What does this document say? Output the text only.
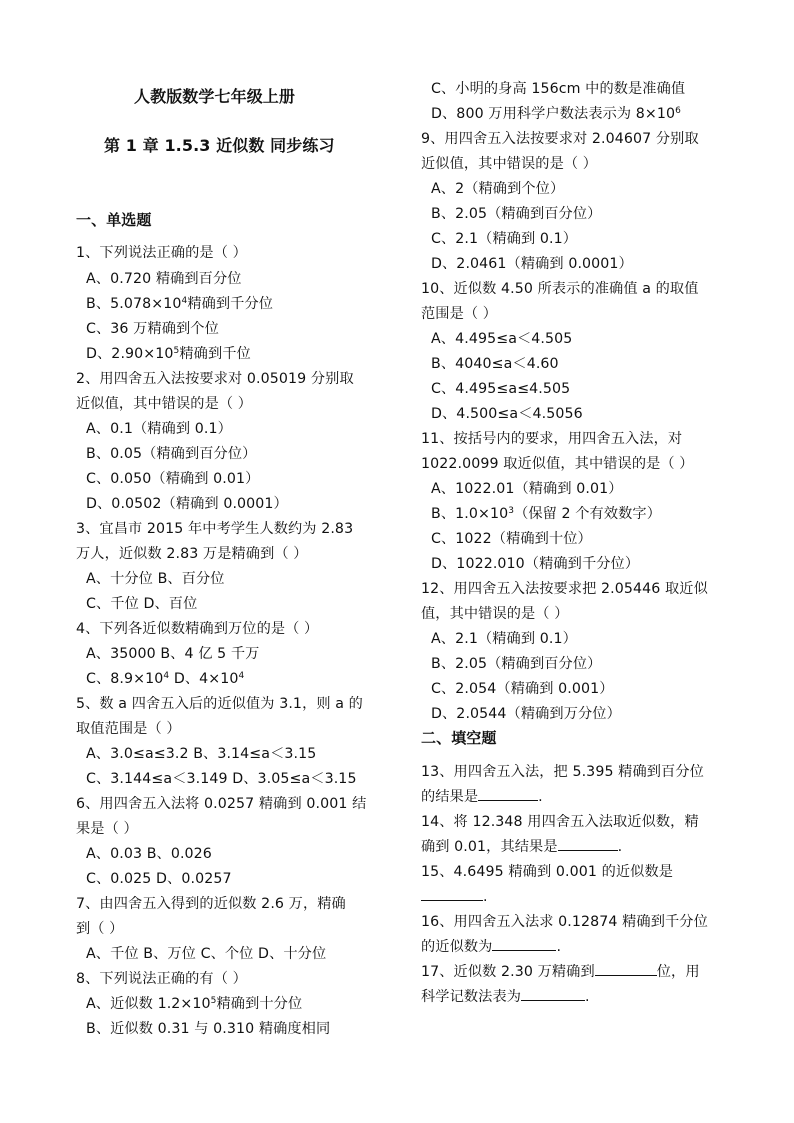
人教版数学七年级上册
第 1 章 1.5.3 近似数 同步练习
一、单选题
1、下列说法正确的是（ ）
A、0.720 精确到百分位
B、$5.078\times 10^4$精确到千分位
C、36 万精确到个位
D、$2.90\times 10^5$精确到千位
2、用四舍五入法按要求对 0.05019 分别取
近似值，其中错误的是（ ）
A、0.1（精确到 0.1）
B、0.05（精确到百分位）
C、0.050（精确到 0.01）
D、0.0502（精确到 0.0001）
3、宜昌市 2015 年中考学生人数约为 2.83
万人，近似数 2.83 万是精确到（ ）
A、十分位 B、百分位
C、千位 D、百位
4、下列各近似数精确到万位的是（ ）
A、35000 B、4 亿 5 千万
C、$8.9\times 10^4$ D、$4\times 10^4$
5、数 a 四舍五入后的近似值为 3.1，则 a 的
取值范围是（ ）
A、3.0≤a≤3.2 B、3.14≤a＜3.15
C、3.144≤a＜3.149 D、3.05≤a＜3.15
6、用四舍五入法将 0.0257 精确到 0.001 结
果是（ ）
A、0.03 B、0.026
C、0.025 D、0.0257
7、由四舍五入得到的近似数 2.6 万，精确
到（ ）
A、千位 B、万位 C、个位 D、十分位
8、下列说法正确的有（ ）
A、近似数 $1.2\times 10^5$精确到十分位
B、近似数 0.31 与 0.310 精确度相同
C、小明的身高 156cm 中的数是准确值
D、800 万用科学户数法表示为 $8\times 10^6$
9、用四舍五入法按要求对 2.04607 分别取
近似值，其中错误的是（ ）
A、2（精确到个位）
B、2.05（精确到百分位）
C、2.1（精确到 0.1）
D、2.0461（精确到 0.0001）
10、近似数 4.50 所表示的准确值 a 的取值
范围是（ ）
A、4.495≤a＜4.505
B、4040≤a＜4.60
C、4.495≤a≤4.505
D、4.500≤a＜4.5056
11、按括号内的要求，用四舍五入法，对
1022.0099 取近似值，其中错误的是（ ）
A、1022.01（精确到 0.01）
B、$1.0\times 10^3$（保留 2 个有效数字）
C、1022（精确到十位）
D、1022.010（精确到千分位）
12、用四舍五入法按要求把 2.05446 取近似
值，其中错误的是（ ）
A、2.1（精确到 0.1）
B、2.05（精确到百分位）
C、2.054（精确到 0.001）
D、2.0544（精确到万分位）
二、填空题
13、用四舍五入法，把 5.395 精确到百分位
的结果是	.
14、将 12.348 用四舍五入法取近似数，精
确到 0.01，其结果是	.
15、4.6495 精确到 0.001 的近似数是
.
16、用四舍五入法求 0.12874 精确到千分位
的近似数为	.
17、近似数 2.30 万精确到	位，用
科学记数法表为	.
